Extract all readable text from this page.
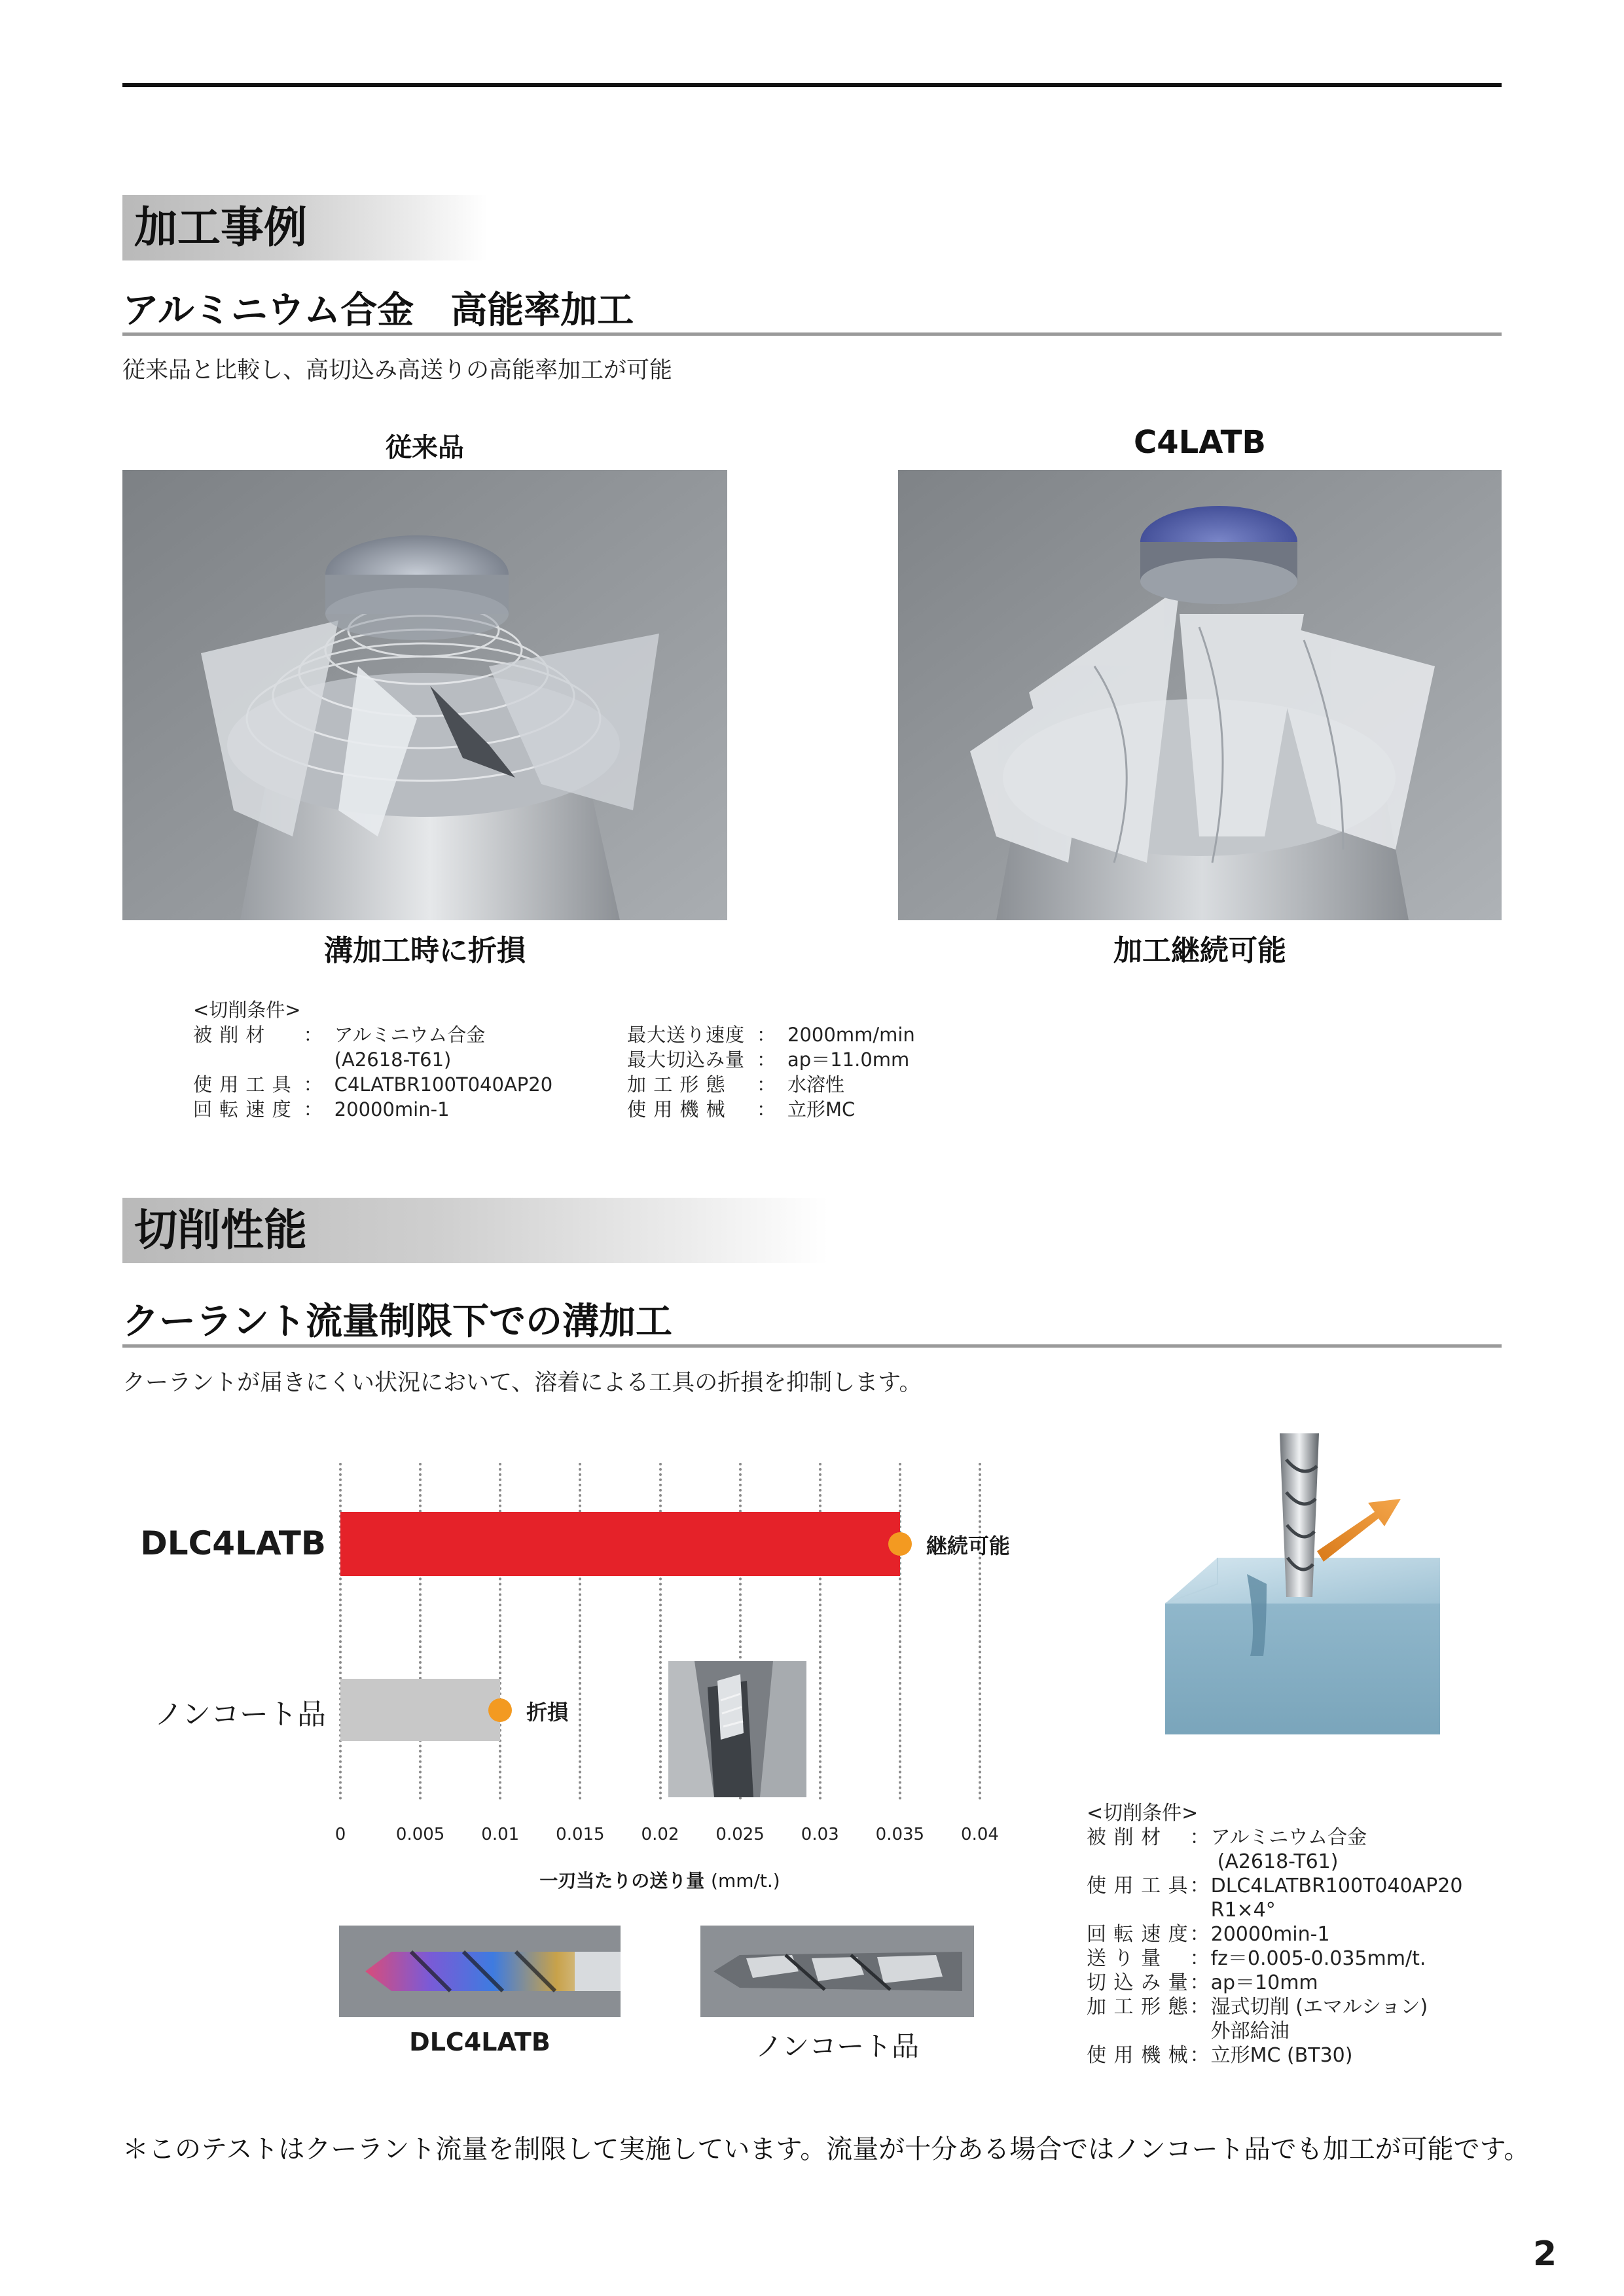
加工事例
アルミニウム合金　高能率加工
従来品と比較し、高切込み高送りの高能率加工が可能
従来品	C4LATB
溝加工時に折損	加工継続可能
<切削条件>
被 削 材	：	アルミニウム合金
		(A2618-T61)
使 用 工 具	：	C4LATBR100T040AP20
回 転 速 度	：	20000min-1
最大送り速度	：	2000mm/min
最大切込み量	：	ap＝11.0mm
加 工 形 態	：	水溶性
使 用 機 械	：	立形MC
切削性能
クーラント流量制限下での溝加工
クーラントが届きにくい状況において、溶着による工具の折損を抑制します。
継続可能
DLC4LATB
折損
ノンコート品
0	0.005 0.01 0.015 0.02 0.025 0.03 0.035 0.04
一刃当たりの送り量 (mm/t.)
DLC4LATB	ノンコート品
<切削条件>
被 削 材	：	アルミニウム合金
		(A2618-T61)
使 用 工 具	：	DLC4LATBR100T040AP20
		R1×4°
回 転 速 度	：	20000min-1
送 り 量	：	fz＝0.005-0.035mm/t.
切 込 み 量	：	ap＝10mm
加 工 形 態	：	湿式切削 (エマルション)
		外部給油
使 用 機 械	：	立形MC (BT30)
＊このテストはクーラント流量を制限して実施しています。流量が十分ある場合ではノンコート品でも加工が可能です。
2
